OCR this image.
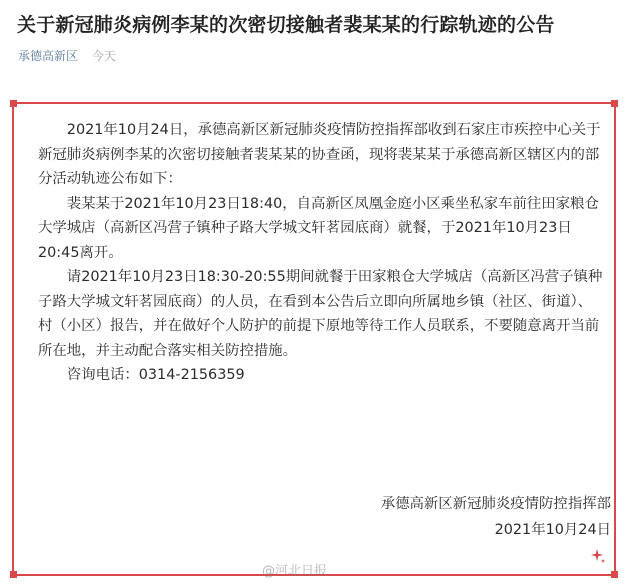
关于新冠肺炎病例李某的次密切接触者裴某某的行踪轨迹的公告
承德高新区 今天

2021年10月24日，承德高新区新冠肺炎疫情防控指挥部收到石家庄市疾控中心关于新冠肺炎病例李某的次密切接触者裴某某的协查函，现将裴某某于承德高新区辖区内的部分活动轨迹公布如下：

裴某某于2021年10月23日18:40，自高新区凤凰金庭小区乘坐私家车前往田家粮仓大学城店（高新区冯营子镇种子路大学城文轩茗园底商）就餐，于2021年10月23日20:45离开。

请2021年10月23日18:30-20:55期间就餐于田家粮仓大学城店（高新区冯营子镇种子路大学城文轩茗园底商）的人员，在看到本公告后立即向所属地乡镇（社区、街道）、村（小区）报告，并在做好个人防护的前提下原地等待工作人员联系，不要随意离开当前所在地，并主动配合落实相关防控措施。

咨询电话：0314-2156359

承德高新区新冠肺炎疫情防控指挥部
2021年10月24日
@河北日报
